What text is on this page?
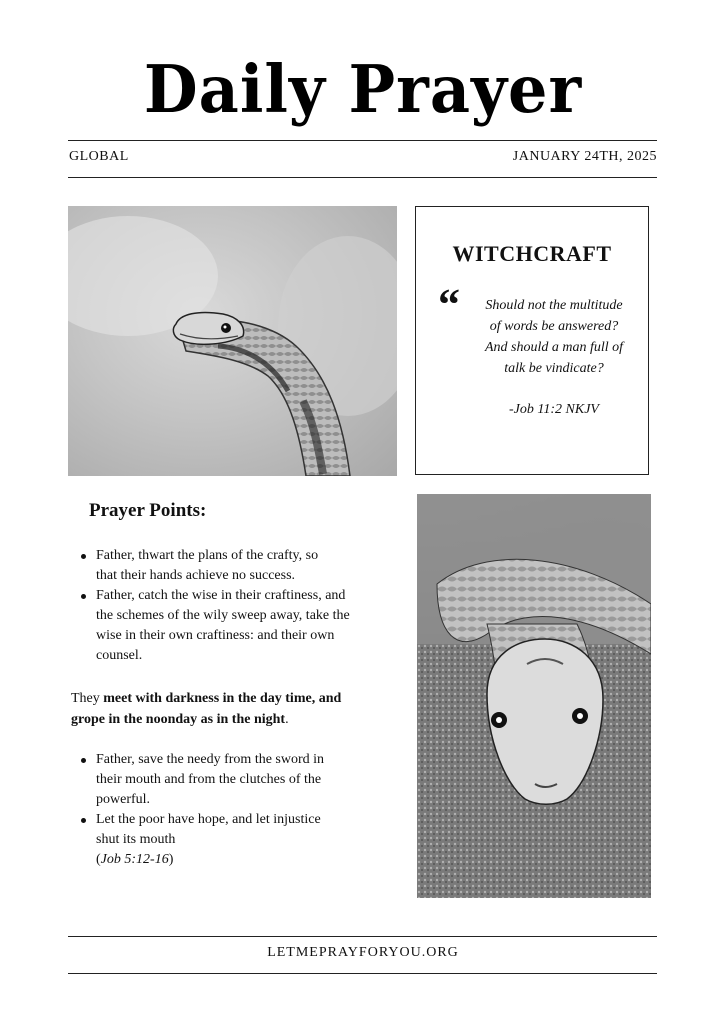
Daily Prayer
GLOBAL	JANUARY 24TH, 2025
WITCHCRAFT
“	Should not the multitude
of words be answered?
And should a man full of
talk be vindicate?
-Job 11:2 NKJV
Prayer Points:
Father, thwart the plans of the crafty, so
that their hands achieve no success.
Father, catch the wise in their craftiness, and
the schemes of the wily sweep away, take the
wise in their own craftiness: and their own
counsel.
They meet with darkness in the day time, and
grope in the noonday as in the night.
Father, save the needy from the sword in
their mouth and from the clutches of the
powerful.
Let the poor have hope, and let injustice
shut its mouth
(Job 5:12-16)
LETMEPRAYFORYOU.ORG
